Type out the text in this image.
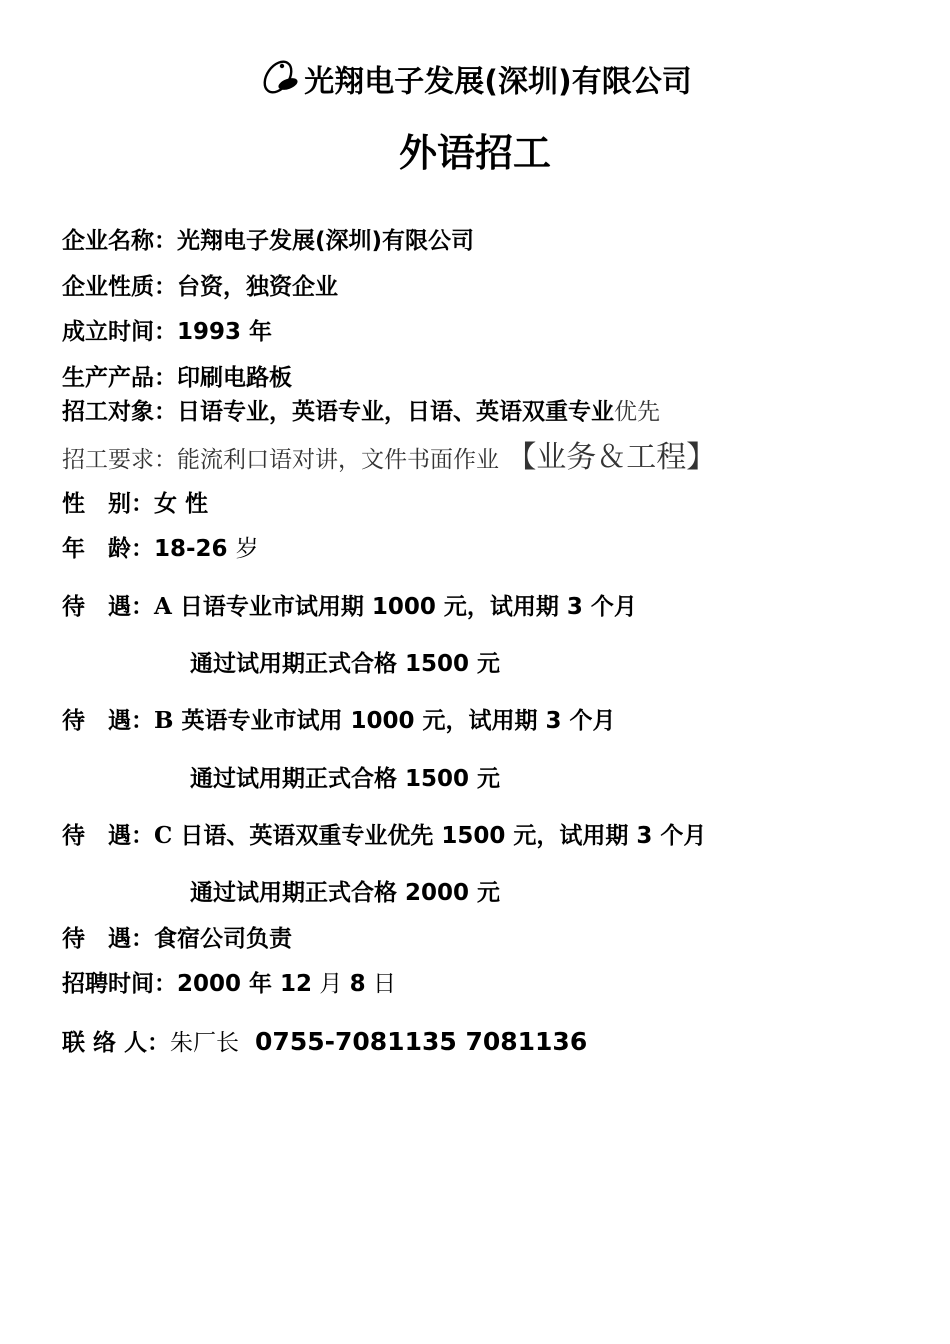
光翔电子发展(深圳)有限公司
外语招工
企业名称：光翔电子发展(深圳)有限公司
企业性质：台资，独资企业
成立时间：1993 年
生产产品：印刷电路板
招工对象：日语专业，英语专业，日语、英语双重专业优先
招工要求：能流利口语对讲，文件书面作业 【业务＆工程】
性　别：女 性
年　龄：18-26 岁
待　遇：A 日语专业市试用期 1000 元，试用期 3 个月
通过试用期正式合格 1500 元
待　遇：B 英语专业市试用 1000 元，试用期 3 个月
通过试用期正式合格 1500 元
待　遇：C 日语、英语双重专业优先 1500 元，试用期 3 个月
通过试用期正式合格 2000 元
待　遇：食宿公司负责
招聘时间：2000 年 12 月 8 日
联 络 人：朱厂长 0755-7081135 7081136
